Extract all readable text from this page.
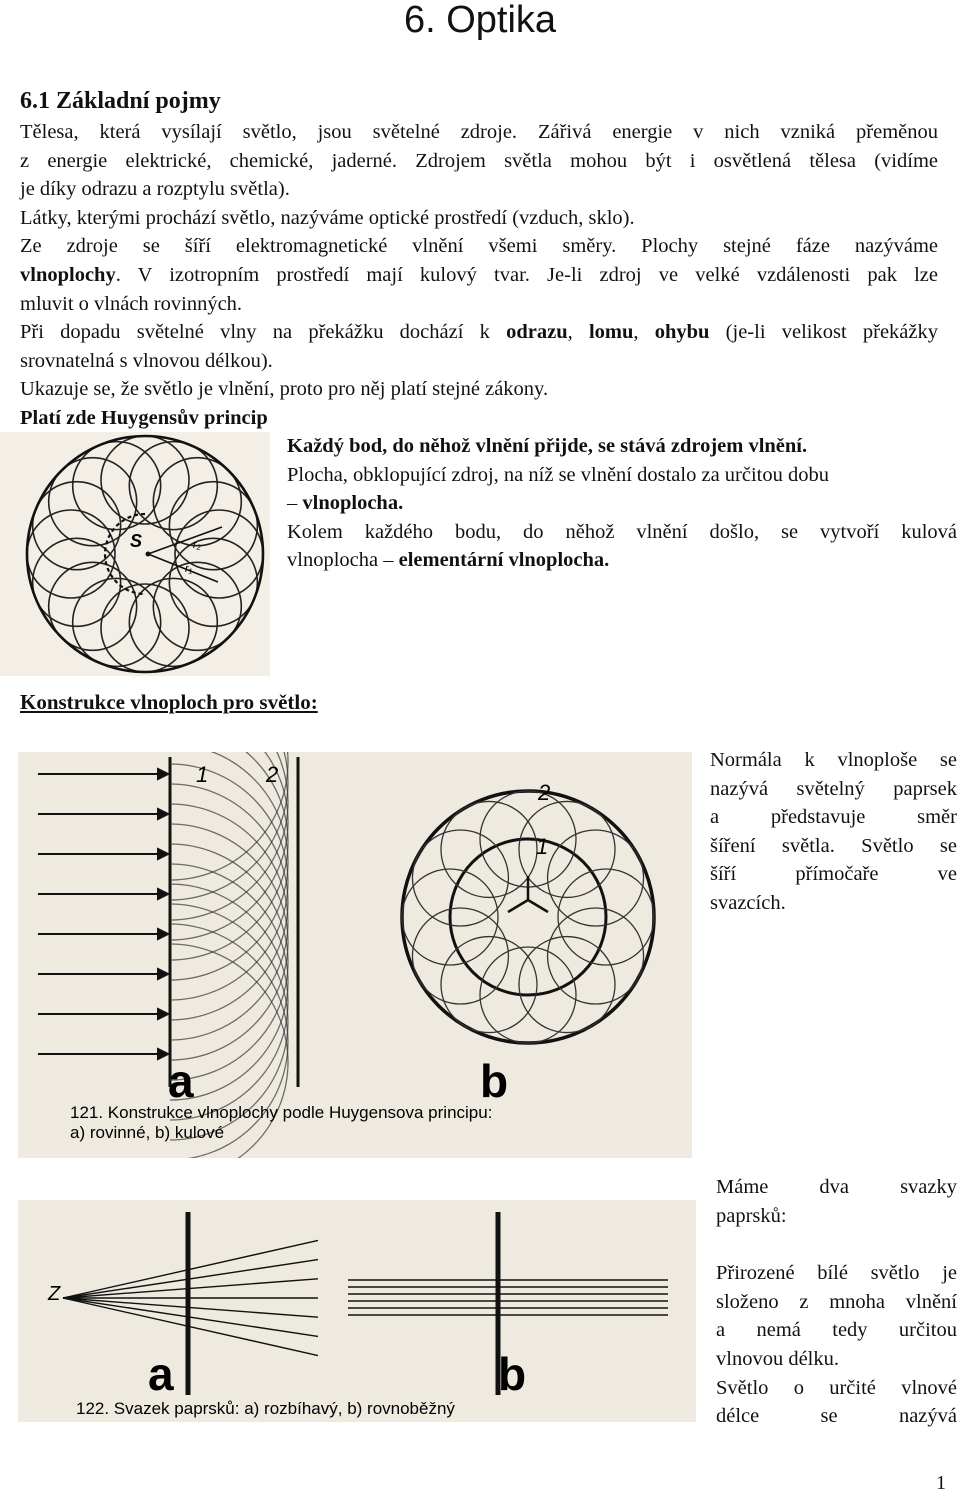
6. Optika
6.1 Základní pojmy
Tělesa, která vysílají světlo, jsou světelné zdroje. Zářivá energie v nich vzniká přeměnou
z energie elektrické, chemické, jaderné. Zdrojem světla mohou být i osvětlená tělesa (vidíme
je díky odrazu a rozptylu světla).
Látky, kterými prochází světlo, nazýváme optické prostředí (vzduch, sklo).
Ze zdroje se šíří elektromagnetické vlnění všemi směry. Plochy stejné fáze nazýváme
vlnoplochy. V izotropním prostředí mají kulový tvar. Je-li zdroj ve velké vzdálenosti pak lze
mluvit o vlnách rovinných.
Při dopadu světelné vlny na překážku dochází k odrazu, lomu, ohybu (je-li velikost překážky
srovnatelná s vlnovou délkou).
Ukazuje se, že světlo je vlnění, proto pro něj platí stejné zákony.
Platí zde Huygensův princip
S	r₂
r₁
Každý bod, do něhož vlnění přijde, se stává zdrojem vlnění.
Plocha, obklopující zdroj, na níž se vlnění dostalo za určitou dobu
– vlnoplocha.
Kolem každého bodu, do něhož vlnění došlo, se vytvoří kulová
vlnoplocha – elementární vlnoplocha.
Konstrukce vlnoploch pro světlo:
1	2
a
2
1
b
121. Konstrukce vlnoplochy podle Huygensova principu:
a) rovinné, b) kulové
Normála k vlnoploše se
nazývá světelný paprsek
a představuje směr
šíření světla. Světlo se
šíří přímočaře ve
svazcích.
Z
a	b
122. Svazek paprsků: a) rozbíhavý, b) rovnoběžný
Máme dva svazky
paprsků:
Přirozené bílé světlo je
složeno z mnoha vlnění
a nemá tedy určitou
vlnovou délku.
Světlo o určité vlnové
délce se nazývá
1
